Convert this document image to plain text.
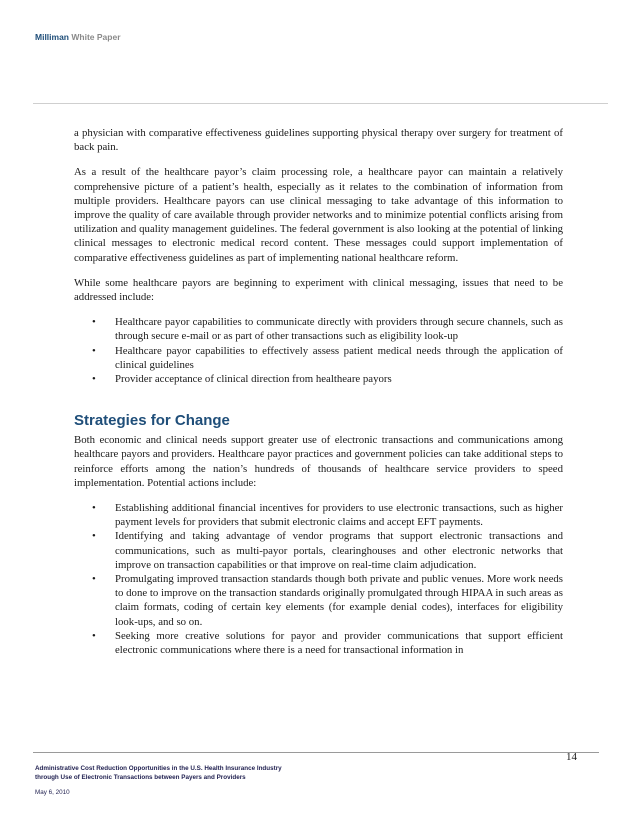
Milliman White Paper

a physician with comparative effectiveness guidelines supporting physical therapy over surgery for treatment of back pain.

As a result of the healthcare payor’s claim processing role, a healthcare payor can maintain a relatively comprehensive picture of a patient’s health, especially as it relates to the combination of information from multiple providers. Healthcare payors can use clinical messaging to take advantage of this information to improve the quality of care available through provider networks and to minimize potential conflicts arising from utilization and quality management guidelines. The federal government is also looking at the potential of linking clinical messages to electronic medical record content. These messages could support implementation of comparative effectiveness guidelines as part of implementing national healthcare reform.

While some healthcare payors are beginning to experiment with clinical messaging, issues that need to be addressed include:

• Healthcare payor capabilities to communicate directly with providers through secure channels, such as through secure e-mail or as part of other transactions such as eligibility look-up
• Healthcare payor capabilities to effectively assess patient medical needs through the application of clinical guidelines
• Provider acceptance of clinical direction from healtheare payors
Strategies for Change

Both economic and clinical needs support greater use of electronic transactions and communications among healthcare payors and providers. Healthcare payor practices and government policies can take additional steps to reinforce efforts among the nation’s hundreds of thousands of healthcare service providers to speed implementation. Potential actions include:

• Establishing additional financial incentives for providers to use electronic transactions, such as higher payment levels for providers that submit electronic claims and accept EFT payments.
• Identifying and taking advantage of vendor programs that support electronic transactions and communications, such as multi-payor portals, clearinghouses and other electronic networks that improve on transaction capabilities or that improve on real-time claim adjudication.
• Promulgating improved transaction standards though both private and public venues. More work needs to done to improve on the transaction standards originally promulgated through HIPAA in such areas as claim formats, coding of certain key elements (for example denial codes), interfaces for eligibility look-ups, and so on.
• Seeking more creative solutions for payor and provider communications that support efficient electronic communications where there is a need for transactional information in
14
Administrative Cost Reduction Opportunities in the U.S. Health Insurance Industry
through Use of Electronic Transactions between Payers and Providers
May 6, 2010
